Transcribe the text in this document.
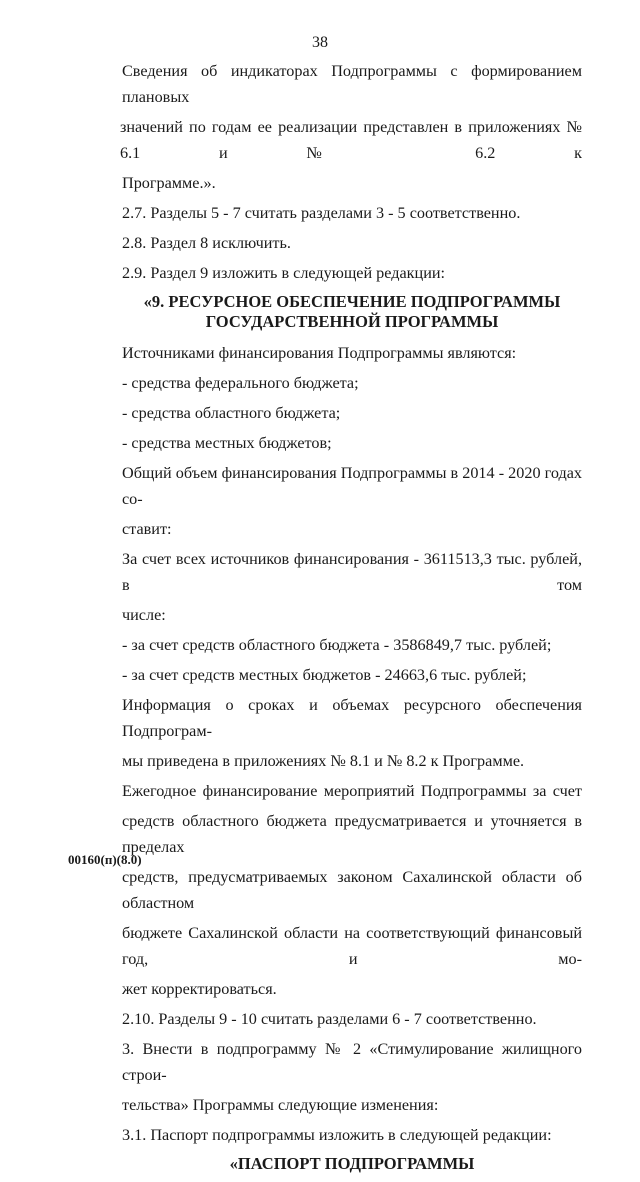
38

Сведения об индикаторах Подпрограммы с формированием плановых

значений по годам ее реализации представлен в приложениях № 6.1 и № 6.2 к

Программе.».

2.7. Разделы 5 - 7 считать разделами 3 - 5 соответственно.

2.8. Раздел 8 исключить.

2.9. Раздел 9 изложить в следующей редакции:

«9. РЕСУРСНОЕ ОБЕСПЕЧЕНИЕ ПОДПРОГРАММЫ
ГОСУДАРСТВЕННОЙ ПРОГРАММЫ

Источниками финансирования Подпрограммы являются:

- средства федерального бюджета;

- средства областного бюджета;

- средства местных бюджетов;

Общий объем финансирования Подпрограммы в 2014 - 2020 годах со-

ставит:

За счет всех источников финансирования - 3611513,3 тыс. рублей, в том

числе:

- за счет средств областного бюджета - 3586849,7 тыс. рублей;

- за счет средств местных бюджетов - 24663,6 тыс. рублей;

Информация о сроках и объемах ресурсного обеспечения Подпрограм-

мы приведена в приложениях № 8.1 и № 8.2 к Программе.

Ежегодное финансирование мероприятий Подпрограммы за счет

средств областного бюджета предусматривается и уточняется в пределах

средств, предусматриваемых законом Сахалинской области об областном

бюджете Сахалинской области на соответствующий финансовый год, и мо-

жет корректироваться.

2.10. Разделы 9 - 10 считать разделами 6 - 7 соответственно.

3. Внести в подпрограмму № 2 «Стимулирование жилищного строи-

тельства» Программы следующие изменения:

3.1. Паспорт подпрограммы изложить в следующей редакции:

«ПАСПОРТ ПОДПРОГРАММЫ

00160(п)(8.0)
